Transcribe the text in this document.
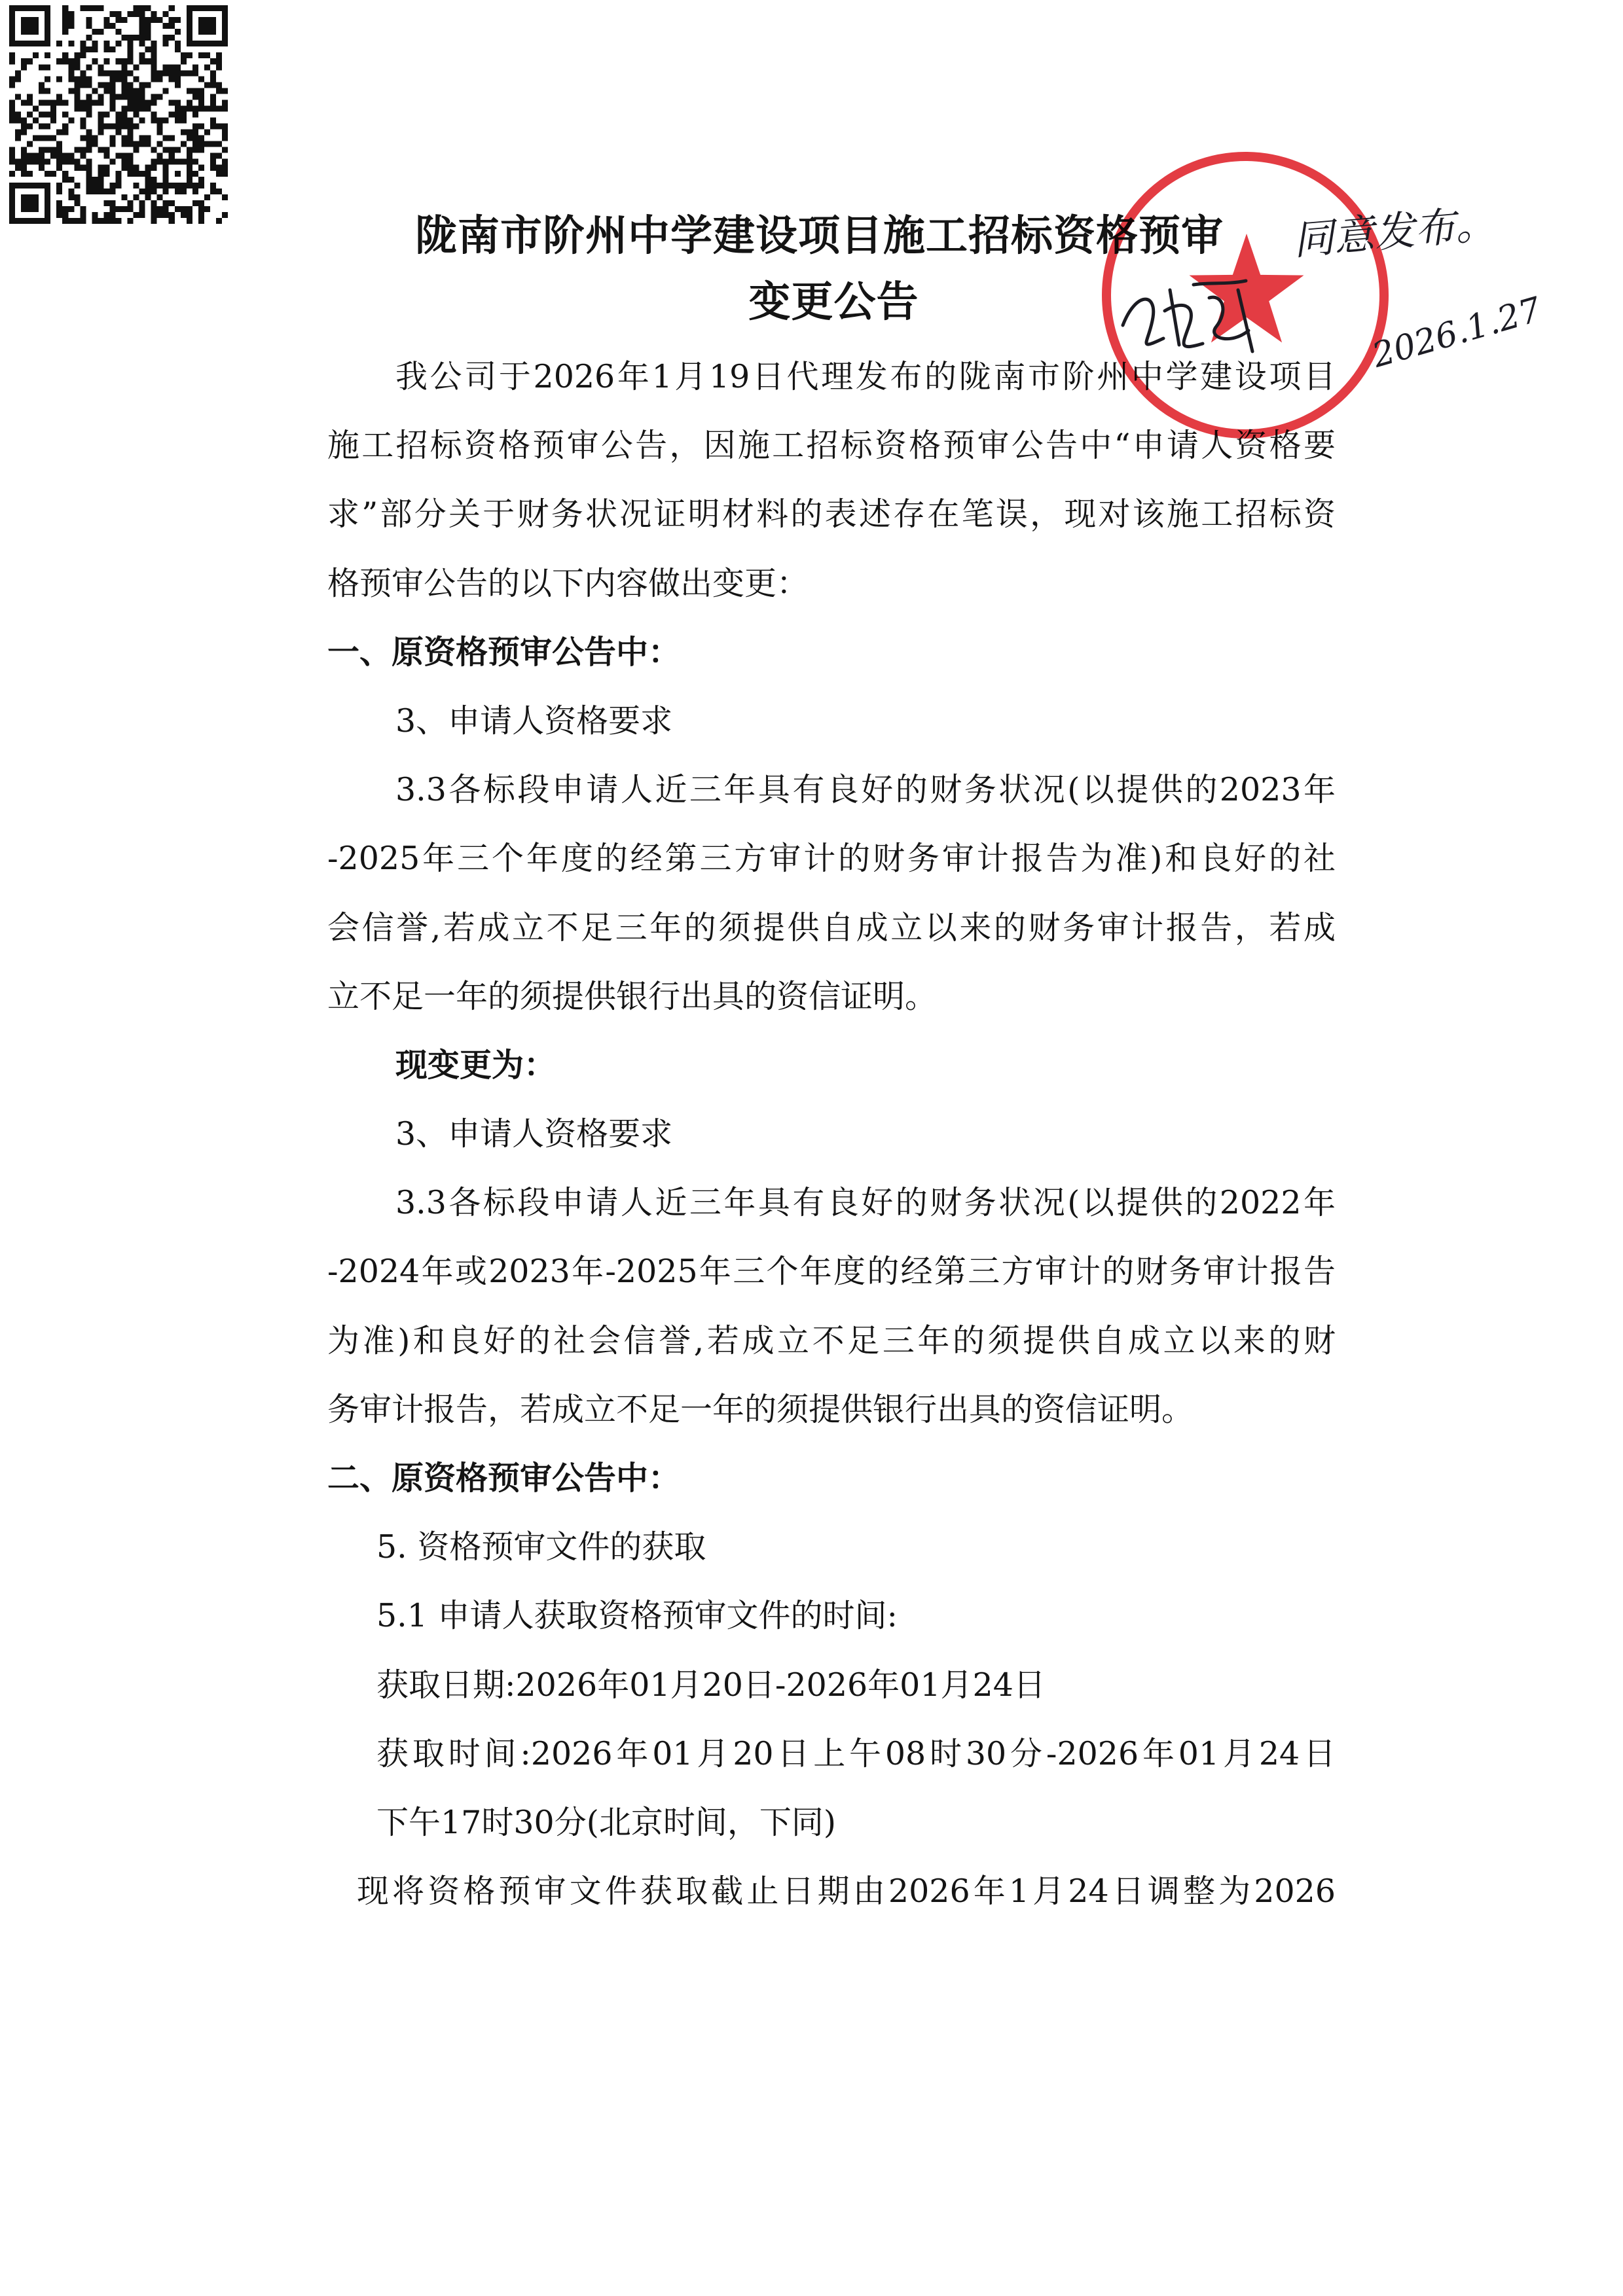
陇南市阶州中学建设项目施工招标资格预审
变更公告
我公司于2026年1月19日代理发布的陇南市阶州中学建设项目
施工招标资格预审公告，因施工招标资格预审公告中“申请人资格要
求”部分关于财务状况证明材料的表述存在笔误，现对该施工招标资
格预审公告的以下内容做出变更：
一、原资格预审公告中：
3、申请人资格要求
3.3各标段申请人近三年具有良好的财务状况(以提供的2023年
-2025年三个年度的经第三方审计的财务审计报告为准)和良好的社
会信誉,若成立不足三年的须提供自成立以来的财务审计报告，若成
立不足一年的须提供银行出具的资信证明。
现变更为：
3、申请人资格要求
3.3各标段申请人近三年具有良好的财务状况(以提供的2022年
-2024年或2023年-2025年三个年度的经第三方审计的财务审计报告
为准)和良好的社会信誉,若成立不足三年的须提供自成立以来的财
务审计报告，若成立不足一年的须提供银行出具的资信证明。
二、原资格预审公告中：
5. 资格预审文件的获取
5.1 申请人获取资格预审文件的时间:
获取日期:2026年01月20日-2026年01月24日
获取时间:2026年01月20日上午08时30分-2026年01月24日
下午17时30分(北京时间，下同)
现将资格预审文件获取截止日期由2026年1月24日调整为2026
同意发布。
2026.1.27
